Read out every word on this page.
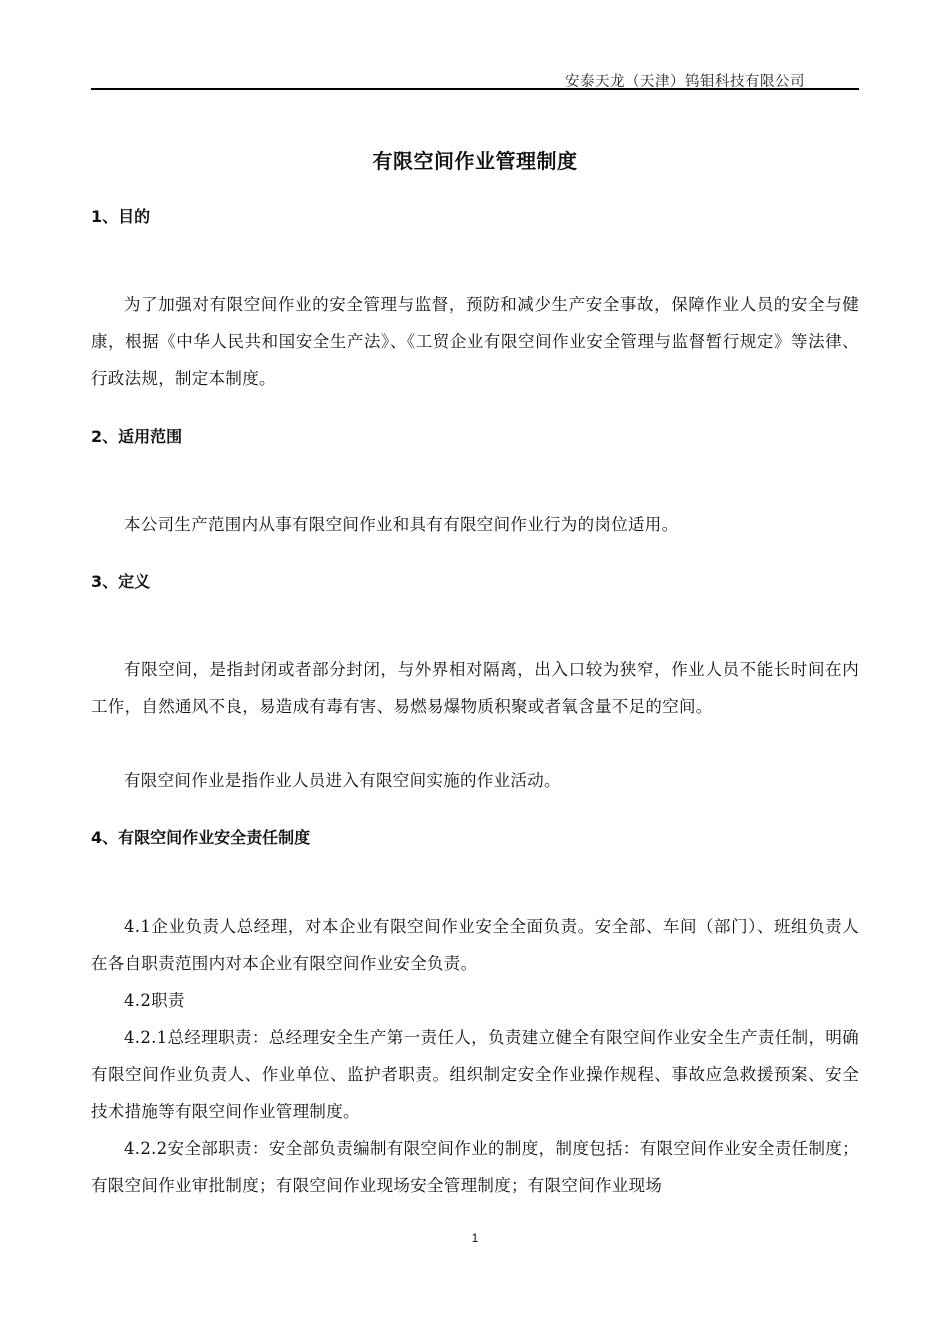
安泰天龙（天津）钨钼科技有限公司
有限空间作业管理制度
1、目的
为了加强对有限空间作业的安全管理与监督，预防和减少生产安全事故，保障作业人员的安全与健康，根据《中华人民共和国安全生产法》、《工贸企业有限空间作业安全管理与监督暂行规定》等法律、行政法规，制定本制度。
2、适用范围
本公司生产范围内从事有限空间作业和具有有限空间作业行为的岗位适用。
3、定义
有限空间，是指封闭或者部分封闭，与外界相对隔离，出入口较为狭窄，作业人员不能长时间在内工作，自然通风不良，易造成有毒有害、易燃易爆物质积聚或者氧含量不足的空间。
有限空间作业是指作业人员进入有限空间实施的作业活动。
4、有限空间作业安全责任制度
4.1企业负责人总经理，对本企业有限空间作业安全全面负责。安全部、车间（部门）、班组负责人在各自职责范围内对本企业有限空间作业安全负责。
4.2职责
4.2.1总经理职责：总经理安全生产第一责任人，负责建立健全有限空间作业安全生产责任制，明确有限空间作业负责人、作业单位、监护者职责。组织制定安全作业操作规程、事故应急救援预案、安全技术措施等有限空间作业管理制度。
4.2.2安全部职责：安全部负责编制有限空间作业的制度，制度包括：有限空间作业安全责任制度；有限空间作业审批制度；有限空间作业现场安全管理制度；有限空间作业现场
1
